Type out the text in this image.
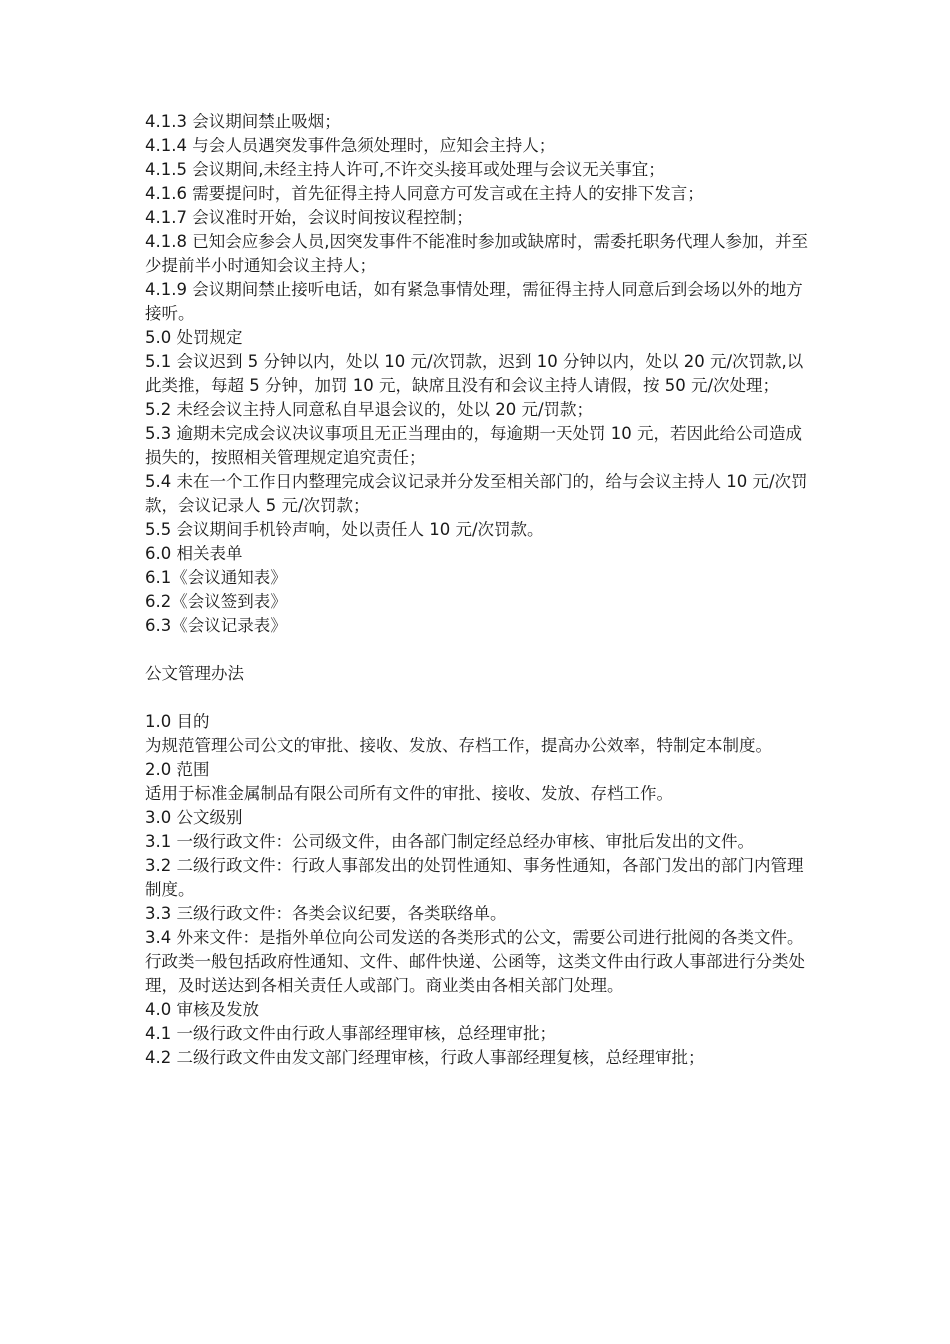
4.1.3 会议期间禁止吸烟；

4.1.4 与会人员遇突发事件急须处理时，应知会主持人；

4.1.5 会议期间,未经主持人许可,不许交头接耳或处理与会议无关事宜；

4.1.6 需要提问时，首先征得主持人同意方可发言或在主持人的安排下发言；

4.1.7 会议准时开始，会议时间按议程控制；

4.1.8 已知会应参会人员,因突发事件不能准时参加或缺席时，需委托职务代理人参加，并至少提前半小时通知会议主持人；

4.1.9 会议期间禁止接听电话，如有紧急事情处理，需征得主持人同意后到会场以外的地方接听。

5.0 处罚规定

5.1 会议迟到 5 分钟以内，处以 10 元/次罚款，迟到 10 分钟以内，处以 20 元/次罚款,以此类推，每超 5 分钟，加罚 10 元，缺席且没有和会议主持人请假，按 50 元/次处理；

5.2 未经会议主持人同意私自早退会议的，处以 20 元/罚款；

5.3 逾期未完成会议决议事项且无正当理由的，每逾期一天处罚 10 元，若因此给公司造成损失的，按照相关管理规定追究责任；

5.4 未在一个工作日内整理完成会议记录并分发至相关部门的，给与会议主持人 10 元/次罚款，会议记录人 5 元/次罚款；

5.5 会议期间手机铃声响，处以责任人 10 元/次罚款。

6.0 相关表单

6.1《会议通知表》

6.2《会议签到表》

6.3《会议记录表》

公文管理办法

1.0 目的

为规范管理公司公文的审批、接收、发放、存档工作，提高办公效率，特制定本制度。

2.0 范围

适用于标准金属制品有限公司所有文件的审批、接收、发放、存档工作。

3.0 公文级别

3.1 一级行政文件：公司级文件，由各部门制定经总经办审核、审批后发出的文件。

3.2 二级行政文件：行政人事部发出的处罚性通知、事务性通知，各部门发出的部门内管理制度。

3.3 三级行政文件：各类会议纪要，各类联络单。

3.4 外来文件：是指外单位向公司发送的各类形式的公文，需要公司进行批阅的各类文件。行政类一般包括政府性通知、文件、邮件快递、公函等，这类文件由行政人事部进行分类处理，及时送达到各相关责任人或部门。商业类由各相关部门处理。

4.0 审核及发放

4.1 一级行政文件由行政人事部经理审核，总经理审批；

4.2 二级行政文件由发文部门经理审核，行政人事部经理复核，总经理审批；
